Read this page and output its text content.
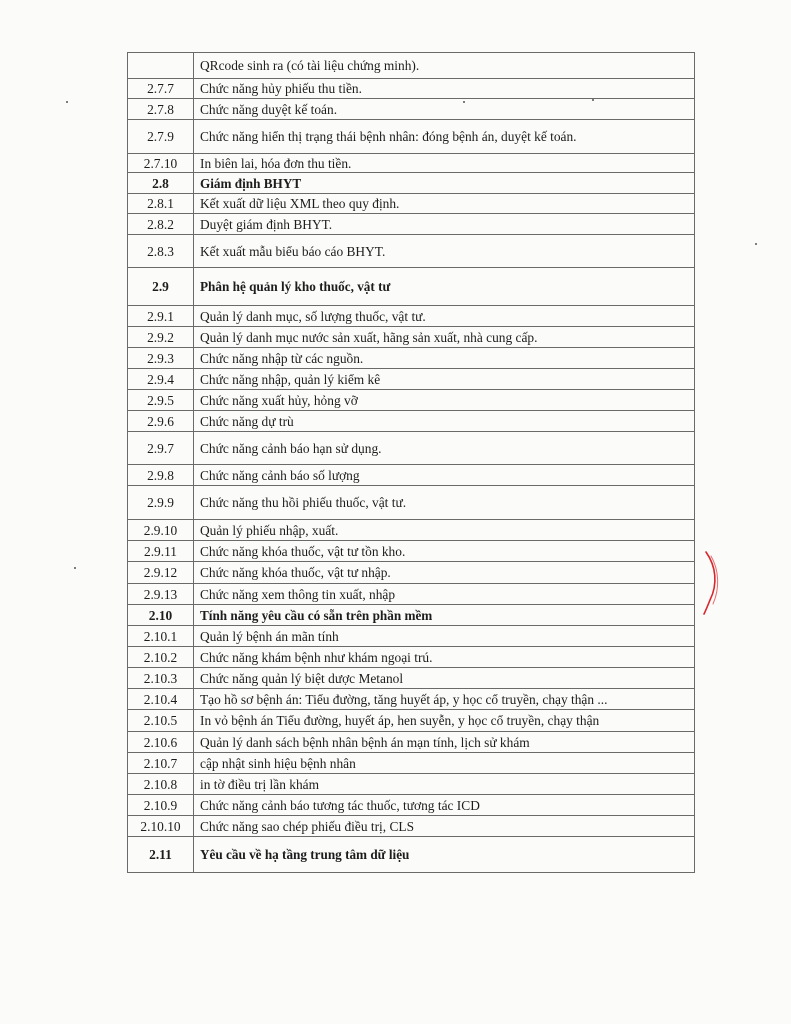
	QRcode sinh ra (có tài liệu chứng minh).
2.7.7	Chức năng hủy phiếu thu tiền.
2.7.8	Chức năng duyệt kế toán.
2.7.9	Chức năng hiển thị trạng thái bệnh nhân: đóng bệnh án, duyệt kế toán.
2.7.10	In biên lai, hóa đơn thu tiền.
2.8	Giám định BHYT
2.8.1	Kết xuất dữ liệu XML theo quy định.
2.8.2	Duyệt giám định BHYT.
2.8.3	Kết xuất mẫu biểu báo cáo BHYT.
2.9	Phân hệ quản lý kho thuốc, vật tư
2.9.1	Quản lý danh mục, số lượng thuốc, vật tư.
2.9.2	Quản lý danh mục nước sản xuất, hãng sản xuất, nhà cung cấp.
2.9.3	Chức năng nhập từ các nguồn.
2.9.4	Chức năng nhập, quản lý kiểm kê
2.9.5	Chức năng xuất hủy, hỏng vỡ
2.9.6	Chức năng dự trù
2.9.7	Chức năng cảnh báo hạn sử dụng.
2.9.8	Chức năng cảnh báo số lượng
2.9.9	Chức năng thu hồi phiếu thuốc, vật tư.
2.9.10	Quản lý phiếu nhập, xuất.
2.9.11	Chức năng khóa thuốc, vật tư tồn kho.
2.9.12	Chức năng khóa thuốc, vật tư nhập.
2.9.13	Chức năng xem thông tin xuất, nhập
2.10	Tính năng yêu cầu có sẵn trên phần mềm
2.10.1	Quản lý bệnh án mãn tính
2.10.2	Chức năng khám bệnh như khám ngoại trú.
2.10.3	Chức năng quản lý biệt dược Metanol
2.10.4	Tạo hồ sơ bệnh án: Tiểu đường, tăng huyết áp, y học cổ truyền, chạy thận ...
2.10.5	In vỏ bệnh án Tiểu đường, huyết áp, hen suyễn, y học cổ truyền, chạy thận
2.10.6	Quản lý danh sách bệnh nhân bệnh án mạn tính, lịch sử khám
2.10.7	cập nhật sinh hiệu bệnh nhân
2.10.8	in tờ điều trị lần khám
2.10.9	Chức năng cảnh báo tương tác thuốc, tương tác ICD
2.10.10	Chức năng sao chép phiếu điều trị, CLS
2.11	Yêu cầu về hạ tầng trung tâm dữ liệu
